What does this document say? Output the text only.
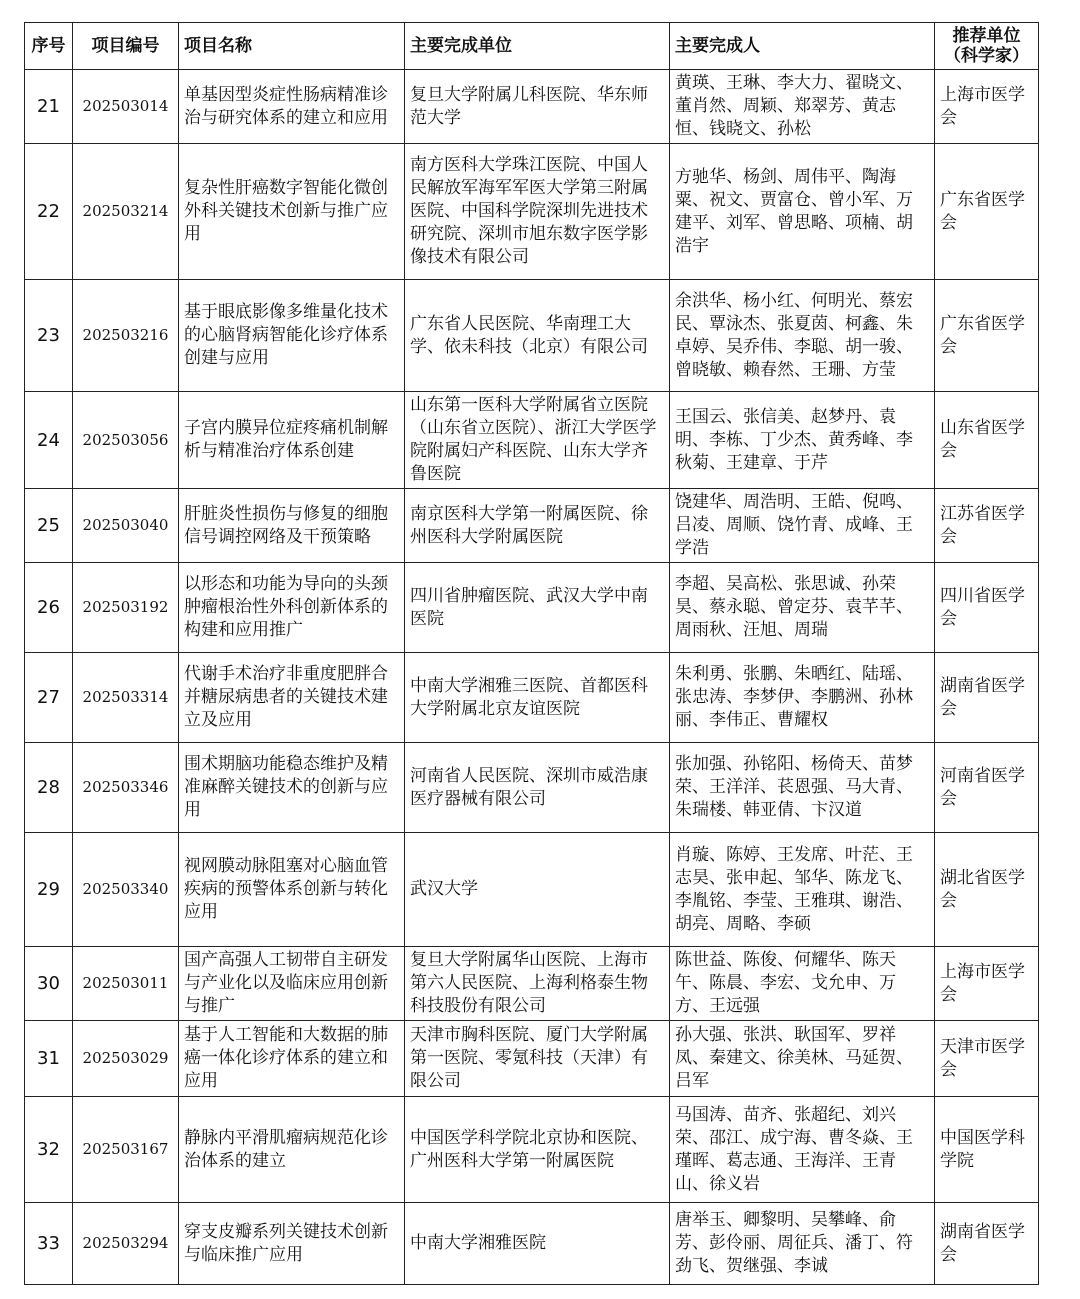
序号	项目编号	项目名称	主要完成单位	主要完成人	推荐单位
（科学家）
21	202503014	单基因型炎症性肠病精准诊治与研究体系的建立和应用	复旦大学附属儿科医院、华东师范大学	黄瑛、王琳、李大力、翟晓文、董肖然、周颖、郑翠芳、黄志恒、钱晓文、孙松	上海市医学会
22	202503214	复杂性肝癌数字智能化微创外科关键技术创新与推广应用	南方医科大学珠江医院、中国人民解放军海军军医大学第三附属医院、中国科学院深圳先进技术研究院、深圳市旭东数字医学影像技术有限公司	方驰华、杨剑、周伟平、陶海粟、祝文、贾富仓、曾小军、万建平、刘军、曾思略、项楠、胡浩宇	广东省医学会
23	202503216	基于眼底影像多维量化技术的心脑肾病智能化诊疗体系创建与应用	广东省人民医院、华南理工大学、依未科技（北京）有限公司	余洪华、杨小红、何明光、蔡宏民、覃泳杰、张夏茵、柯鑫、朱卓婷、吴乔伟、李聪、胡一骏、曾晓敏、赖春然、王珊、方莹	广东省医学会
24	202503056	子宫内膜异位症疼痛机制解析与精准治疗体系创建	山东第一医科大学附属省立医院（山东省立医院）、浙江大学医学院附属妇产科医院、山东大学齐鲁医院	王国云、张信美、赵梦丹、袁明、李栋、丁少杰、黄秀峰、李秋菊、王建章、于芹	山东省医学会
25	202503040	肝脏炎性损伤与修复的细胞信号调控网络及干预策略	南京医科大学第一附属医院、徐州医科大学附属医院	饶建华、周浩明、王皓、倪鸣、吕凌、周顺、饶竹青、成峰、王学浩	江苏省医学会
26	202503192	以形态和功能为导向的头颈肿瘤根治性外科创新体系的构建和应用推广	四川省肿瘤医院、武汉大学中南医院	李超、吴高松、张思诚、孙荣昊、蔡永聪、曾定芬、袁芊芊、周雨秋、汪旭、周瑞	四川省医学会
27	202503314	代谢手术治疗非重度肥胖合并糖尿病患者的关键技术建立及应用	中南大学湘雅三医院、首都医科大学附属北京友谊医院	朱利勇、张鹏、朱晒红、陆瑶、张忠涛、李梦伊、李鹏洲、孙林丽、李伟正、曹耀权	湖南省医学会
28	202503346	围术期脑功能稳态维护及精准麻醉关键技术的创新与应用	河南省人民医院、深圳市威浩康医疗器械有限公司	张加强、孙铭阳、杨倚天、苗梦荣、王洋洋、苌恩强、马大青、朱瑞楼、韩亚倩、卞汉道	河南省医学会
29	202503340	视网膜动脉阻塞对心脑血管疾病的预警体系创新与转化应用	武汉大学	肖璇、陈婷、王发席、叶茫、王志昊、张申起、邹华、陈龙飞、李胤铭、李莹、王雅琪、谢浩、胡亮、周略、李硕	湖北省医学会
30	202503011	国产高强人工韧带自主研发与产业化以及临床应用创新与推广	复旦大学附属华山医院、上海市第六人民医院、上海利格泰生物科技股份有限公司	陈世益、陈俊、何耀华、陈天午、陈晨、李宏、戈允申、万方、王远强	上海市医学会
31	202503029	基于人工智能和大数据的肺癌一体化诊疗体系的建立和应用	天津市胸科医院、厦门大学附属第一医院、零氪科技（天津）有限公司	孙大强、张洪、耿国军、罗祥凤、秦建文、徐美林、马延贺、吕军	天津市医学会
32	202503167	静脉内平滑肌瘤病规范化诊治体系的建立	中国医学科学院北京协和医院、广州医科大学第一附属医院	马国涛、苗齐、张超纪、刘兴荣、邵江、成宁海、曹冬焱、王瑾晖、葛志通、王海洋、王青山、徐义岩	中国医学科学院
33	202503294	穿支皮瓣系列关键技术创新与临床推广应用	中南大学湘雅医院	唐举玉、卿黎明、吴攀峰、俞芳、彭伶丽、周征兵、潘丁、符劲飞、贺继强、李诚	湖南省医学会
